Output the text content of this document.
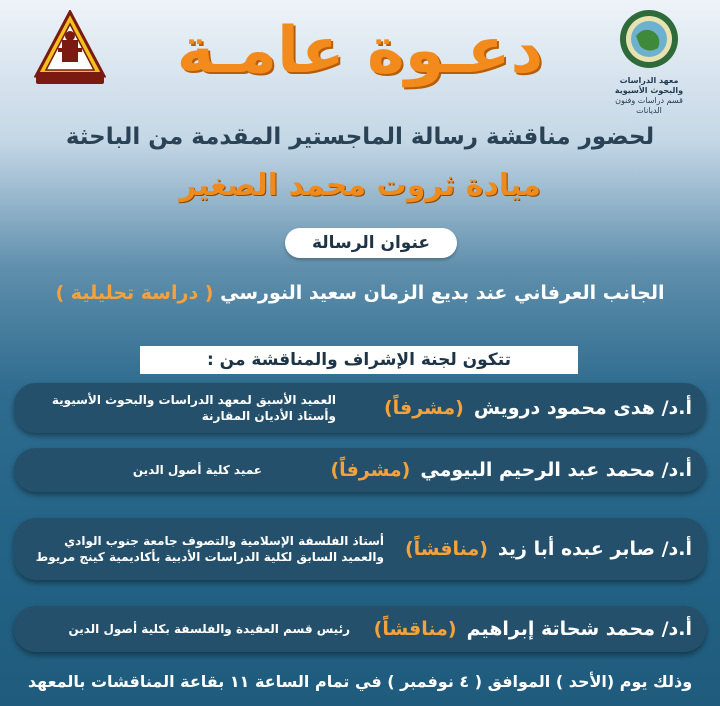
معهد الدراسات والبحوث الأسيوية
قسم دراسات وفنون الديانات
دعـوة عامـة
لحضور مناقشة رسالة الماجستير المقدمة من الباحثة
ميادة ثروت محمد الصغير
عنوان الرسالة
الجانب العرفاني عند بديع الزمان سعيد النورسي ( دراسة تحليلية )
تتكون لجنة الإشراف والمناقشة من :
أ.د/ هدى محمود درويش
(مشرفاً)
العميد الأسبق لمعهد الدراسات والبحوث الأسيوية
وأستاذ الأديان المقارنة
أ.د/ محمد عبد الرحيم البيومي
(مشرفاً)
عميد كلية أصول الدين
أ.د/ صابر عبده أبا زيد
(مناقشاً)
أستاذ الفلسفة الإسلامية والتصوف جامعة جنوب الوادي
والعميد السابق لكلية الدراسات الأدبية بأكاديمية كينج مريوط
أ.د/ محمد شحاتة إبراهيم
(مناقشاً)
رئيس قسم العقيدة والفلسفة بكلية أصول الدين
وذلك يوم (الأحد ) الموافق ( ٤ نوفمبر ) في تمام الساعة ١١ بقاعة المناقشات بالمعهد
